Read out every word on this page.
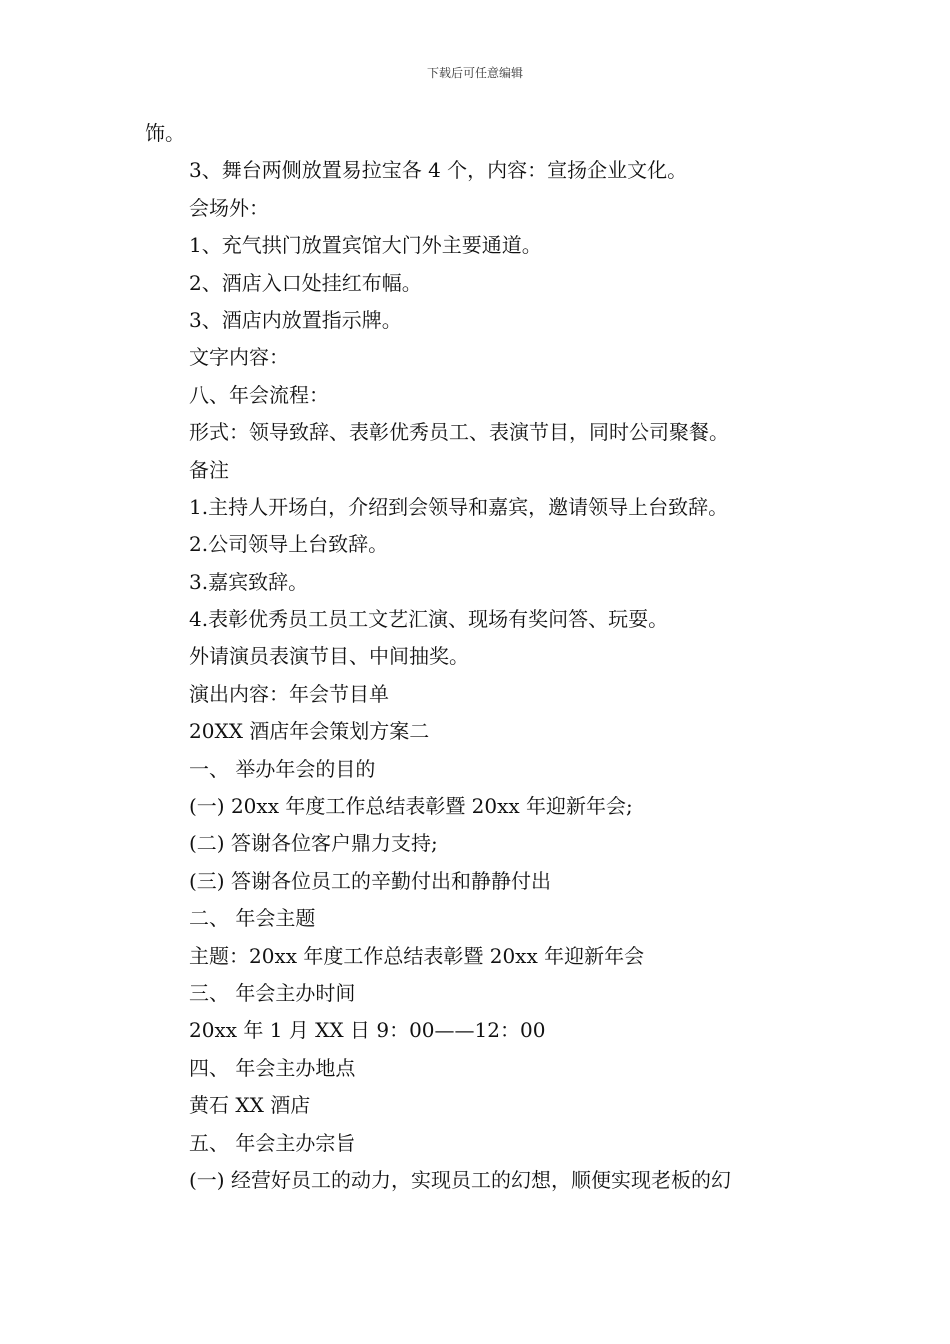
下载后可任意编辑
饰。
3、舞台两侧放置易拉宝各 4 个，内容：宣扬企业文化。
会场外：
1、充气拱门放置宾馆大门外主要通道。
2、酒店入口处挂红布幅。
3、酒店内放置指示牌。
文字内容：
八、年会流程：
形式：领导致辞、表彰优秀员工、表演节目，同时公司聚餐。
备注
1.主持人开场白，介绍到会领导和嘉宾，邀请领导上台致辞。
2.公司领导上台致辞。
3.嘉宾致辞。
4.表彰优秀员工员工文艺汇演、现场有奖问答、玩耍。
外请演员表演节目、中间抽奖。
演出内容：年会节目单
20XX 酒店年会策划方案二
一、 举办年会的目的
(一) 20xx 年度工作总结表彰暨 20xx 年迎新年会;
(二) 答谢各位客户鼎力支持;
(三) 答谢各位员工的辛勤付出和静静付出
二、 年会主题
主题：20xx 年度工作总结表彰暨 20xx 年迎新年会
三、 年会主办时间
20xx 年 1 月 XX 日 9：00——12：00
四、 年会主办地点
黄石 XX 酒店
五、 年会主办宗旨
(一) 经营好员工的动力，实现员工的幻想，顺便实现老板的幻
